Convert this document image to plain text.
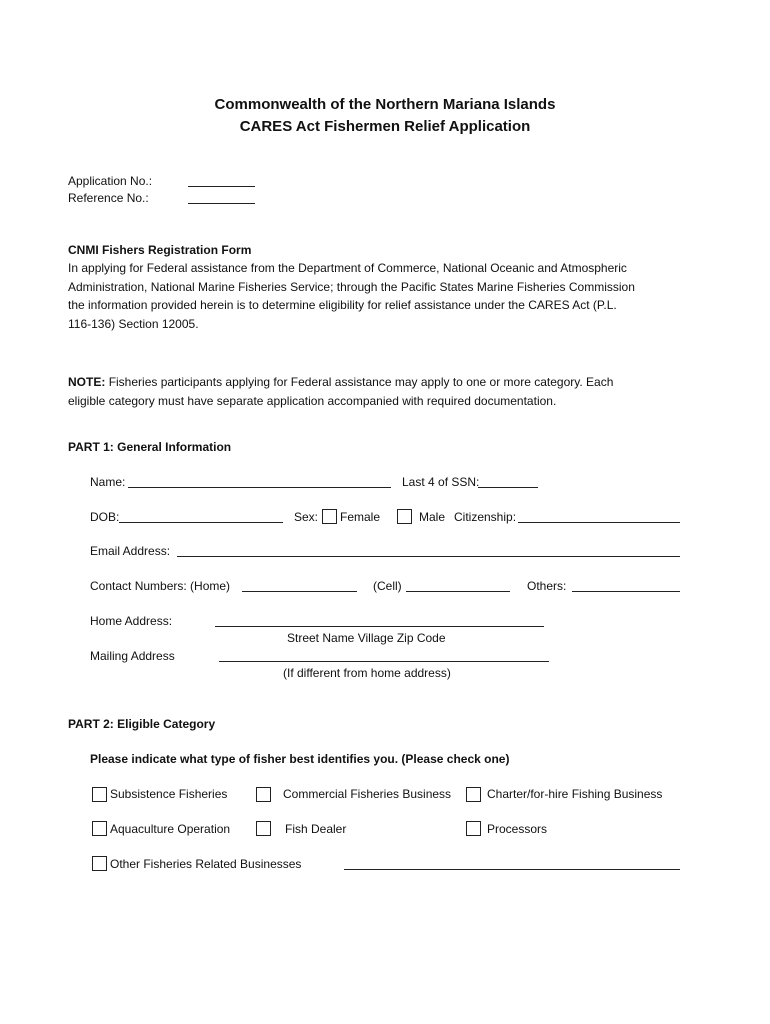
Commonwealth of the Northern Mariana Islands
CARES Act Fishermen Relief Application
Application No.:
Reference No.:
CNMI Fishers Registration Form
In applying for Federal assistance from the Department of Commerce, National Oceanic and Atmospheric
Administration, National Marine Fisheries Service; through the Pacific States Marine Fisheries Commission
the information provided herein is to determine eligibility for relief assistance under the CARES Act (P.L.
116-136) Section 12005.
NOTE: Fisheries participants applying for Federal assistance may apply to one or more category. Each
eligible category must have separate application accompanied with required documentation.
PART 1: General Information
Name:	Last 4 of SSN:
DOB:	Sex: Female	Male Citizenship:
Email Address:
Contact Numbers: (Home)	(Cell)	Others:
Home Address:
Street Name Village Zip Code
Mailing Address
(If different from home address)
PART 2: Eligible Category
Please indicate what type of fisher best identifies you. (Please check one)
Subsistence Fisheries	Commercial Fisheries Business	Charter/for-hire Fishing Business
Aquaculture Operation	Fish Dealer	Processors
Other Fisheries Related Businesses
